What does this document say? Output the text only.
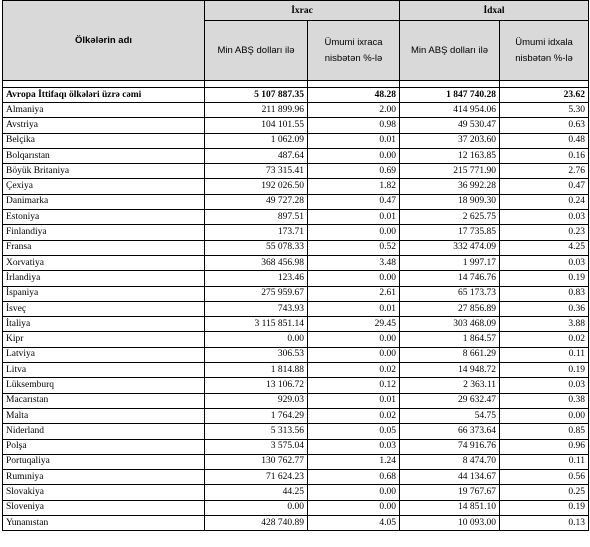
Ölkələrin adı	İxrac		İdxal	
	Min ABŞ dolları ilə	Ümumi ixraca nisbətən %-lə	Min ABŞ dolları ilə	Ümumi idxala nisbətən %-lə

Avropa İttifaqı ölkələri üzrə cəmi	5 107 887.35	48.28	1 847 740.28	23.62
Almaniya	211 899.96	2.00	414 954.06	5.30
Avstriya	104 101.55	0.98	49 530.47	0.63
Belçika	1 062.09	0.01	37 203.60	0.48
Bolqarıstan	487.64	0.00	12 163.85	0.16
Böyük Britaniya	73 315.41	0.69	215 771.90	2.76
Çexiya	192 026.50	1.82	36 992.28	0.47
Danimarka	49 727.28	0.47	18 909.30	0.24
Estoniya	897.51	0.01	2 625.75	0.03
Finlandiya	173.71	0.00	17 735.85	0.23
Fransa	55 078.33	0.52	332 474.09	4.25
Xorvatiya	368 456.98	3.48	1 997.17	0.03
İrlandiya	123.46	0.00	14 746.76	0.19
İspaniya	275 959.67	2.61	65 173.73	0.83
İsveç	743.93	0.01	27 856.89	0.36
İtaliya	3 115 851.14	29.45	303 468.09	3.88
Kipr	0.00	0.00	1 864.57	0.02
Latviya	306.53	0.00	8 661.29	0.11
Litva	1 814.88	0.02	14 948.72	0.19
Lüksemburq	13 106.72	0.12	2 363.11	0.03
Macarıstan	929.03	0.01	29 632.47	0.38
Malta	1 764.29	0.02	54.75	0.00
Niderland	5 313.56	0.05	66 373.64	0.85
Polşa	3 575.04	0.03	74 916.76	0.96
Portuqaliya	130 762.77	1.24	8 474.70	0.11
Rumıniya	71 624.23	0.68	44 134.67	0.56
Slovakiya	44.25	0.00	19 767.67	0.25
Sloveniya	0.00	0.00	14 851.10	0.19
Yunanıstan	428 740.89	4.05	10 093.00	0.13
